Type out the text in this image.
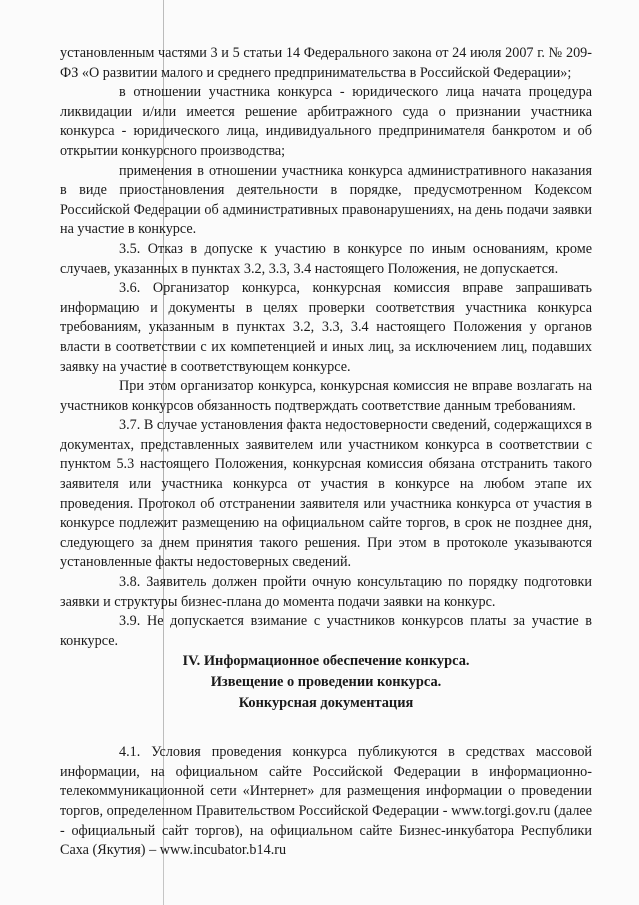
установленным частями 3 и 5 статьи 14 Федерального закона от 24 июля 2007 г. № 209-ФЗ «О развитии малого и среднего предпринимательства в Российской Федерации»;

в отношении участника конкурса - юридического лица начата процедура ликвидации и/или имеется решение арбитражного суда о признании участника конкурса - юридического лица, индивидуального предпринимателя банкротом и об открытии конкурсного производства;

применения в отношении участника конкурса административного наказания в виде приостановления деятельности в порядке, предусмотренном Кодексом Российской Федерации об административных правонарушениях, на день подачи заявки на участие в конкурсе.

3.5. Отказ в допуске к участию в конкурсе по иным основаниям, кроме случаев, указанных в пунктах 3.2, 3.3, 3.4 настоящего Положения, не допускается.

3.6. Организатор конкурса, конкурсная комиссия вправе запрашивать информацию и документы в целях проверки соответствия участника конкурса требованиям, указанным в пунктах 3.2, 3.3, 3.4 настоящего Положения у органов власти в соответствии с их компетенцией и иных лиц, за исключением лиц, подавших заявку на участие в соответствующем конкурсе.

При этом организатор конкурса, конкурсная комиссия не вправе возлагать на участников конкурсов обязанность подтверждать соответствие данным требованиям.

3.7. В случае установления факта недостоверности сведений, содержащихся в документах, представленных заявителем или участником конкурса в соответствии с пунктом 5.3 настоящего Положения, конкурсная комиссия обязана отстранить такого заявителя или участника конкурса от участия в конкурсе на любом этапе их проведения. Протокол об отстранении заявителя или участника конкурса от участия в конкурсе подлежит размещению на официальном сайте торгов, в срок не позднее дня, следующего за днем принятия такого решения. При этом в протоколе указываются установленные факты недостоверных сведений.

3.8. Заявитель должен пройти очную консультацию по порядку подготовки заявки и структуры бизнес-плана до момента подачи заявки на конкурс.

3.9. Не допускается взимание с участников конкурсов платы за участие в конкурсе.

IV. Информационное обеспечение конкурса.
Извещение о проведении конкурса.
Конкурсная документация

4.1. Условия проведения конкурса публикуются в средствах массовой информации, на официальном сайте Российской Федерации в информационно-телекоммуникационной сети «Интернет» для размещения информации о проведении торгов, определенном Правительством Российской Федерации - www.torgi.gov.ru (далее - официальный сайт торгов), на официальном сайте Бизнес-инкубатора Республики Саха (Якутия) – www.incubator.b14.ru
